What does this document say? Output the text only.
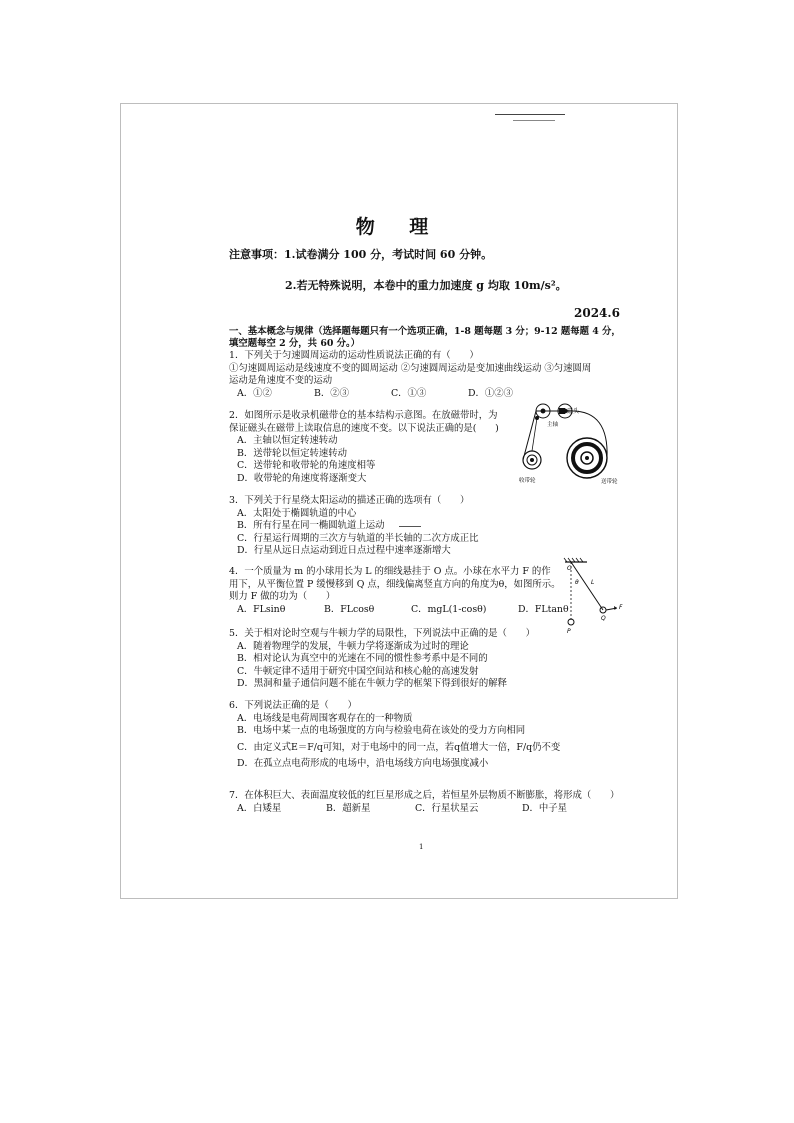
物 理
注意事项：1.试卷满分 100 分，考试时间 60 分钟。
2.若无特殊说明，本卷中的重力加速度 g 均取 10m/s²。
2024.6
一、基本概念与规律（选择题每题只有一个选项正确，1-8 题每题 3 分；9-12 题每题 4 分，
填空题每空 2 分，共 60 分。）
1．下列关于匀速圆周运动的运动性质说法正确的有（　　）
①匀速圆周运动是线速度不变的圆周运动 ②匀速圆周运动是变加速曲线运动 ③匀速圆周
运动是角速度不变的运动
A．①②	B．②③	C．①③	D．①②③
2．如图所示是收录机磁带仓的基本结构示意图。在放磁带时，为
保证磁头在磁带上读取信息的速度不变。以下说法正确的是(　　)
A．主轴以恒定转速转动
B．送带轮以恒定转速转动
C．送带轮和收带轮的角速度相等
D．收带轮的角速度将逐渐变大
磁头
主轴
收带轮	送带轮
3．下列关于行星绕太阳运动的描述正确的选项有（　　）
A．太阳处于椭圆轨道的中心
B．所有行星在同一椭圆轨道上运动
C．行星运行周期的三次方与轨道的半长轴的二次方成正比
D．行星从远日点运动到近日点过程中速率逐渐增大
4．一个质量为 m 的小球用长为 L 的细线悬挂于 O 点。小球在水平力 F 的作
用下，从平衡位置 P 缓慢移到 Q 点，细线偏离竖直方向的角度为θ，如图所示。
则力 F 做的功为（　　）
A．FLsinθ	B．FLcosθ	C．mgL(1-cosθ)	D．FLtanθ
O
θ L
F
P
Q
5．关于相对论时空观与牛顿力学的局限性，下列说法中正确的是（　　）
A．随着物理学的发展，牛顿力学将逐渐成为过时的理论
B．相对论认为真空中的光速在不同的惯性参考系中是不同的
C．牛顿定律不适用于研究中国空间站和核心舱的高速发射
D．黑洞和量子通信问题不能在牛顿力学的框架下得到很好的解释
6．下列说法正确的是（　　）
A．电场线是电荷周围客观存在的一种物质
B．电场中某一点的电场强度的方向与检验电荷在该处的受力方向相同
C．由定义式E＝F/q可知，对于电场中的同一点，若q值增大一倍，F/q仍不变
D．在孤立点电荷形成的电场中，沿电场线方向电场强度减小
7．在体积巨大、表面温度较低的红巨星形成之后，若恒星外层物质不断膨胀，将形成（　　）
A．白矮星	B．超新星	C．行星状星云	D．中子星
1
